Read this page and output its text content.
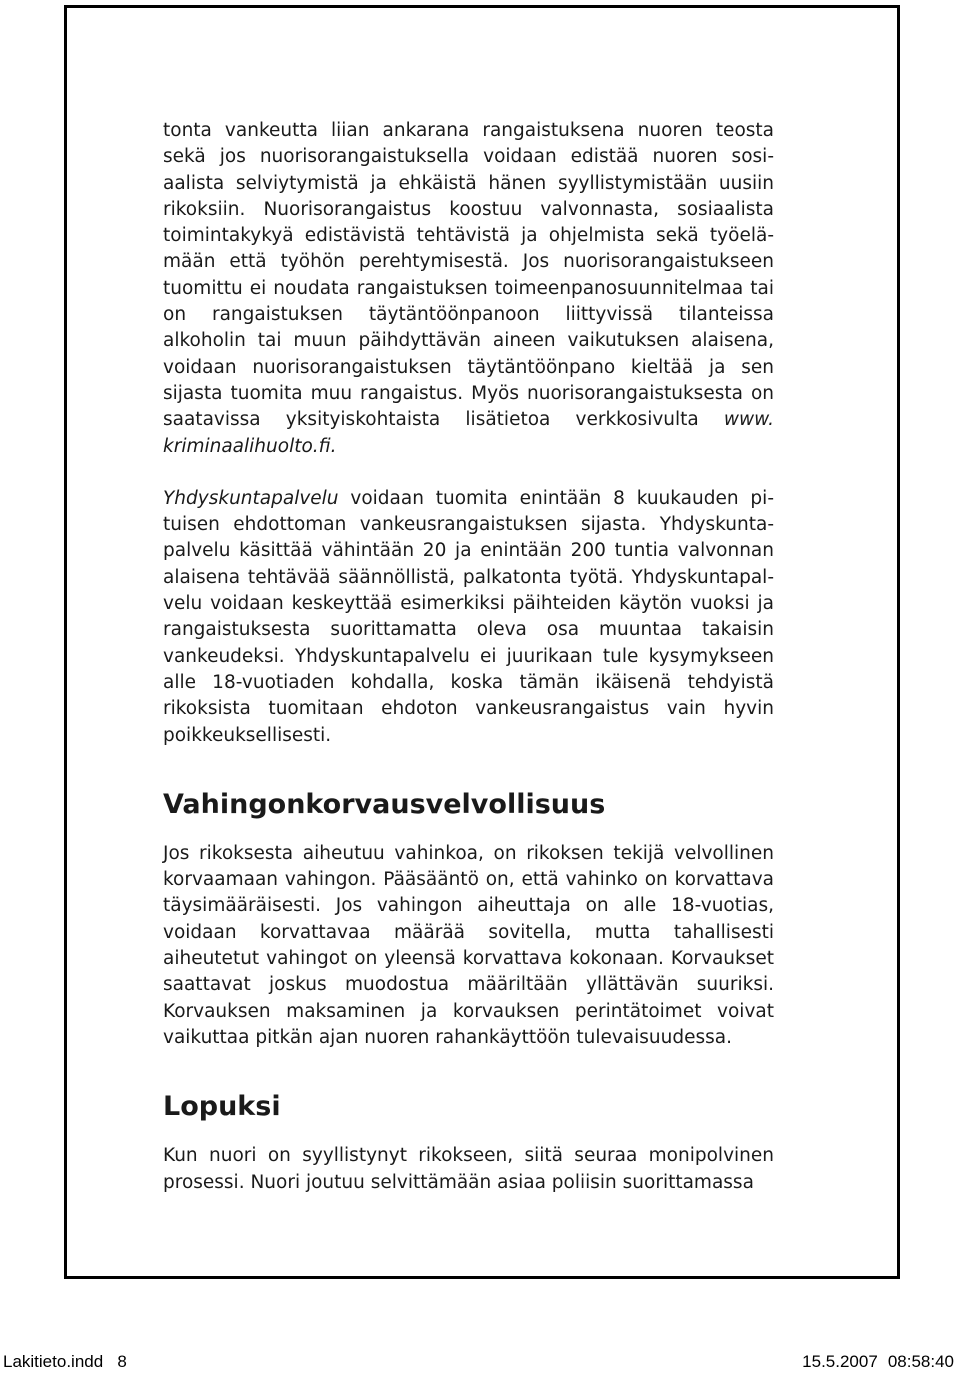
tonta vankeutta liian ankarana rangaistuksena nuoren teosta sekä jos nuorisorangaistuksella voidaan edistää nuoren sosiaalista selviytymistä ja ehkäistä hänen syyllistymistään uusiin rikoksiin. Nuorisorangaistus koostuu valvonnasta, sosiaalista toimintakykyä edistävistä tehtävistä ja ohjelmista sekä työelämään että työhön perehtymisestä. Jos nuorisorangaistukseen tuomittu ei noudata rangaistuksen toimeenpanosuunnitelmaa tai on rangaistuksen täytäntöönpanoon liittyvissä tilanteissa alkoholin tai muun päihdyttävän aineen vaikutuksen alaisena, voidaan nuorisorangaistuksen täytäntöönpano kieltää ja sen sijasta tuomita muu rangaistus. Myös nuorisorangaistuksesta on saatavissa yksityiskohtaista lisätietoa verkkosivulta www.​kriminaalihuolto.fi.

Yhdyskuntapalvelu voidaan tuomita enintään 8 kuukauden pituisen ehdottoman vankeusrangaistuksen sijasta. Yhdyskuntapalvelu käsittää vähintään 20 ja enintään 200 tuntia valvonnan alaisena tehtävää säännöllistä, palkatonta työtä. Yhdyskuntapalvelu voidaan keskeyttää esimerkiksi päihteiden käytön vuoksi ja rangaistuksesta suorittamatta oleva osa muuntaa takaisin vankeudeksi. Yhdyskuntapalvelu ei juurikaan tule kysymykseen alle 18-vuotiaden kohdalla, koska tämän ikäisenä tehdyistä rikoksista tuomitaan ehdoton vankeusrangaistus vain hyvin poikkeuksellisesti.

Vahingonkorvausvelvollisuus

Jos rikoksesta aiheutuu vahinkoa, on rikoksen tekijä velvollinen korvaamaan vahingon. Pääsääntö on, että vahinko on korvattava täysimääräisesti. Jos vahingon aiheuttaja on alle 18-vuotias, voidaan korvattavaa määrää sovitella, mutta tahallisesti aiheutetut vahingot on yleensä korvattava kokonaan. Korvaukset saattavat joskus muodostua määriltään yllättävän suuriksi. Korvauksen maksaminen ja korvauksen perintätoimet voivat vaikuttaa pitkän ajan nuoren rahankäyttöön tulevaisuudessa.

Lopuksi

Kun nuori on syyllistynyt rikokseen, siitä seuraa monipolvinen prosessi. Nuori joutuu selvittämään asiaa poliisin suorittamassa

Lakitieto.indd   8	15.5.2007 08:58:40
